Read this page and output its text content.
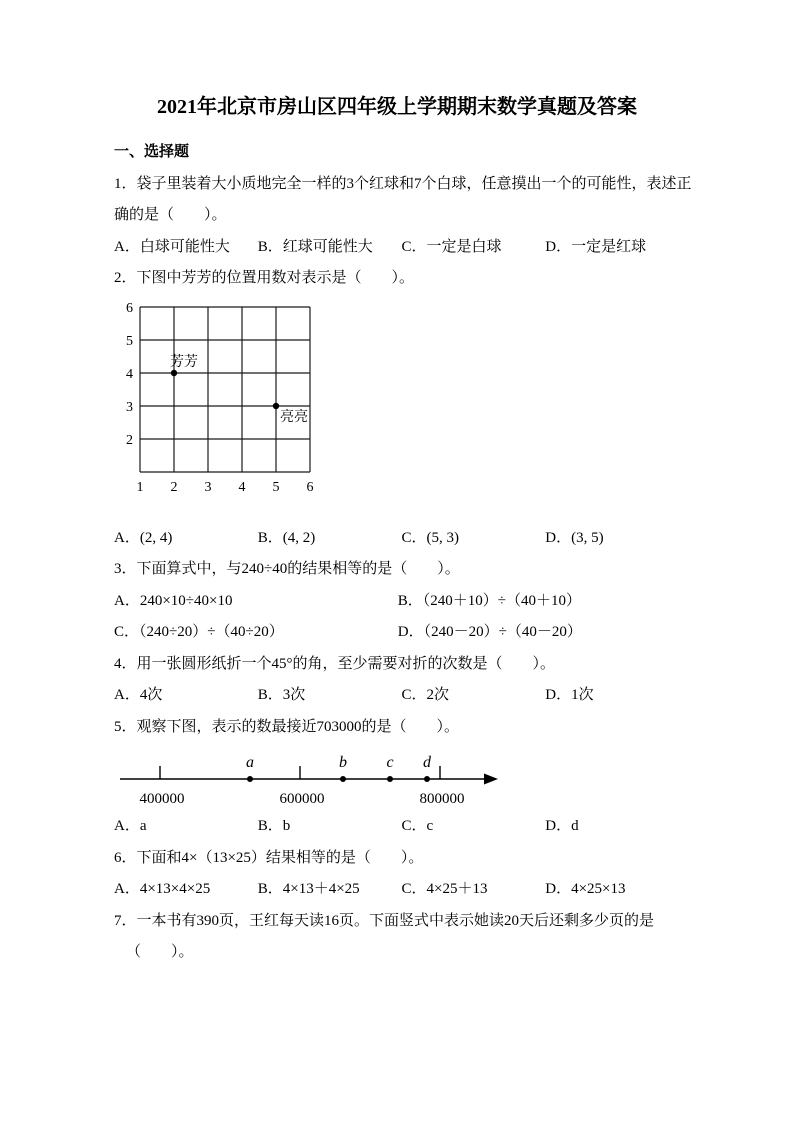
2021年北京市房山区四年级上学期期末数学真题及答案
一、选择题
1．袋子里装着大小质地完全一样的3个红球和7个白球，任意摸出一个的可能性，表述正
确的是（　　）。
A．白球可能性大 B．红球可能性大 C．一定是白球	D．一定是红球
2．下图中芳芳的位置用数对表示是（　　）。
6
5
4
3
2
1 2 3 4 5 6
芳芳
亮亮
A．(2, 4)	B．(4, 2)	C．(5, 3)	D．(3, 5)
3．下面算式中，与240÷40的结果相等的是（　　）。
A．240×10÷40×10	B．（240＋10）÷（40＋10）
C．（240÷20）÷（40÷20）	D．（240－20）÷（40－20）
4．用一张圆形纸折一个45°的角，至少需要对折的次数是（　　）。
A．4次	B．3次	C．2次	D．1次
5．观察下图，表示的数最接近703000的是（　　）。
a	b c d
400000	600000	800000
A．a	B．b	C．c	D．d
6．下面和4×（13×25）结果相等的是（　　）。
A．4×13×4×25	B．4×13＋4×25	C．4×25＋13	D．4×25×13
7．一本书有390页，王红每天读16页。下面竖式中表示她读20天后还剩多少页的是
（　　）。
